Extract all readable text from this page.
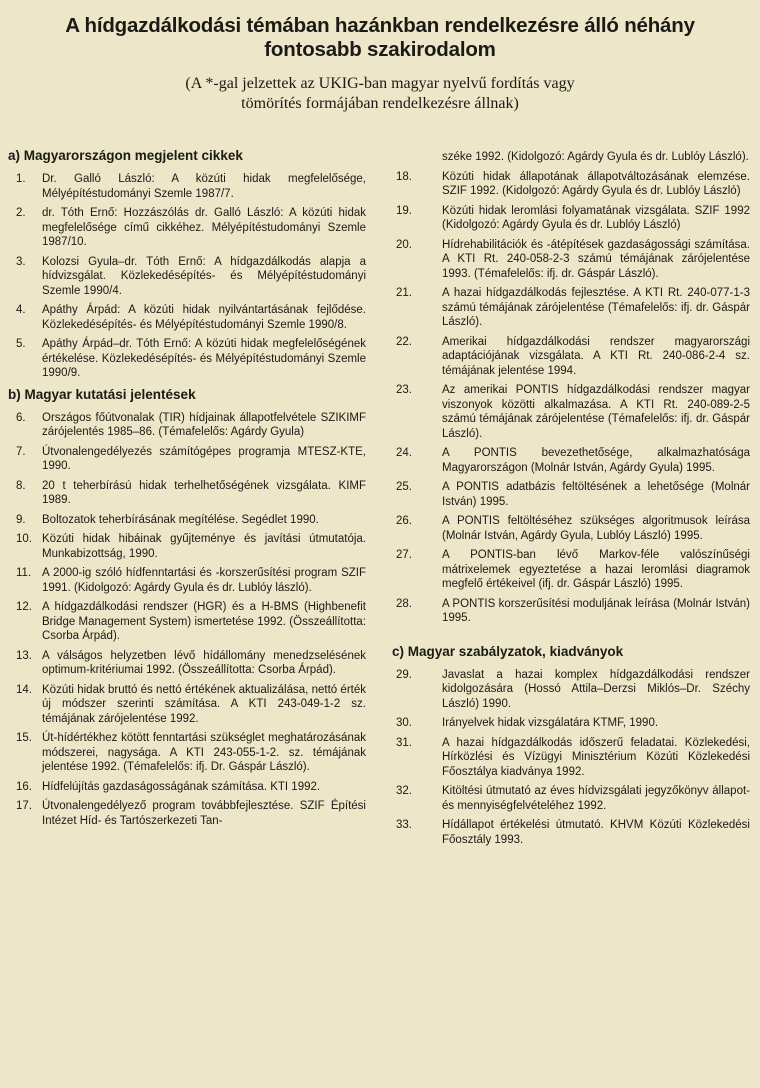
A hídgazdálkodási témában hazánkban rendelkezésre álló néhány
fontosabb szakirodalom
(A *-gal jelzettek az UKIG-ban magyar nyelvű fordítás vagy
tömörítés formájában rendelkezésre állnak)
a) Magyarországon megjelent cikkek
1.	Dr. Galló László: A közúti hidak megfelelősége, Mélyépítéstudományi Szemle 1987/7.
2.	dr. Tóth Ernő: Hozzászólás dr. Galló László: A közúti hidak megfelelősége című cikkéhez. Mélyépítéstudományi Szemle 1987/10.
3.	Kolozsi Gyula–dr. Tóth Ernő: A hídgazdálkodás alapja a hídvizsgálat. Közlekedésépítés- és Mélyépítéstudományi Szemle 1990/4.
4.	Apáthy Árpád: A közúti hidak nyilvántartásának fejlődése. Közlekedésépítés- és Mélyépítéstudományi Szemle 1990/8.
5.	Apáthy Árpád–dr. Tóth Ernő: A közúti hidak megfelelőségének értékelése. Közlekedésépítés- és Mélyépítéstudományi Szemle 1990/9.
b) Magyar kutatási jelentések
6.	Országos főútvonalak (TIR) hídjainak állapotfelvétele SZIKIMF zárójelentés 1985–86. (Témafelelős: Agárdy Gyula)
7.	Útvonalengedélyezés számítógépes programja MTESZ-KTE, 1990.
8.	20 t teherbírású hidak terhelhetőségének vizsgálata. KIMF 1989.
9.	Boltozatok teherbírásának megítélése. Segédlet 1990.
10. Közúti hidak hibáinak gyűjteménye és javítási útmutatója. Munkabizottság, 1990.
11. A 2000-ig szóló hídfenntartási és -korszerűsítési program SZIF 1991. (Kidolgozó: Agárdy Gyula és dr. Lublóy lászló).
12. A hídgazdálkodási rendszer (HGR) és a H-BMS (Highbenefit Bridge Management System) ismertetése 1992. (Összeállította: Csorba Árpád).
13. A válságos helyzetben lévő hídállomány menedzselésének optimum-kritériumai 1992. (Összeállította: Csorba Árpád).
14. Közúti hidak bruttó és nettó értékének aktualizálása, nettó érték új módszer szerinti számítása. A KTI 243-049-1-2 sz. témájának zárójelentése 1992.
15. Út-hídértékhez kötött fenntartási szükséglet meghatározásának módszerei, nagysága. A KTI 243-055-1-2. sz. témájának jelentése 1992. (Témafelelős: ifj. Dr. Gáspár László).
16. Hídfelújítás gazdaságosságának számítása. KTI 1992.
17. Útvonalengedélyező program továbbfejlesztése. SZIF Építési Intézet Híd- és Tartószerkezeti Tan-
széke 1992. (Kidolgozó: Agárdy Gyula és dr. Lublóy László).
18.	Közúti hidak állapotának állapotváltozásának elemzése. SZIF 1992. (Kidolgozó: Agárdy Gyula és dr. Lublóy László)
19.	Közúti hidak leromlási folyamatának vizsgálata. SZIF 1992 (Kidolgozó: Agárdy Gyula és dr. Lublóy László)
20.	Hídrehabilitációk és -átépítések gazdaságossági számítása. A KTI Rt. 240-058-2-3 számú témájának zárójelentése 1993. (Témafelelős: ifj. dr. Gáspár László).
21.	A hazai hídgazdálkodás fejlesztése. A KTI Rt. 240-077-1-3 számú témájának zárójelentése (Témafelelős: ifj. dr. Gáspár László).
22.	Amerikai hídgazdálkodási rendszer magyarországi adaptációjának vizsgálata. A KTI Rt. 240-086-2-4 sz. témájának jelentése 1994.
23.	Az amerikai PONTIS hídgazdálkodási rendszer magyar viszonyok közötti alkalmazása. A KTI Rt. 240-089-2-5 számú témájának zárójelentése (Témafelelős: ifj. dr. Gáspár László).
24.	A PONTIS bevezethetősége, alkalmazhatósága Magyarországon (Molnár István, Agárdy Gyula) 1995.
25.	A PONTIS adatbázis feltöltésének a lehetősége (Molnár István) 1995.
26.	A PONTIS feltöltéséhez szükséges algoritmusok leírása (Molnár István, Agárdy Gyula, Lublóy László) 1995.
27.	A PONTIS-ban lévő Markov-féle valószínűségi mátrixelemek egyeztetése a hazai leromlási diagramok megfelő értékeivel (ifj. dr. Gáspár László) 1995.
28.	A PONTIS korszerűsítési moduljának leírása (Molnár István) 1995.
c) Magyar szabályzatok, kiadványok
29.	Javaslat a hazai komplex hídgazdálkodási rendszer kidolgozására (Hossó Attila–Derzsi Miklós–Dr. Széchy László) 1990.
30.	Irányelvek hidak vizsgálatára KTMF, 1990.
31.	A hazai hídgazdálkodás időszerű feladatai. Közlekedési, Hírközlési és Vízügyi Minisztérium Közúti Közlekedési Főosztálya kiadványa 1992.
32.	Kitöltési útmutató az éves hídvizsgálati jegyzőkönyv állapot- és mennyiségfelvételéhez 1992.
33.	Hídállapot értékelési útmutató. KHVM Közúti Közlekedési Főosztály 1993.
